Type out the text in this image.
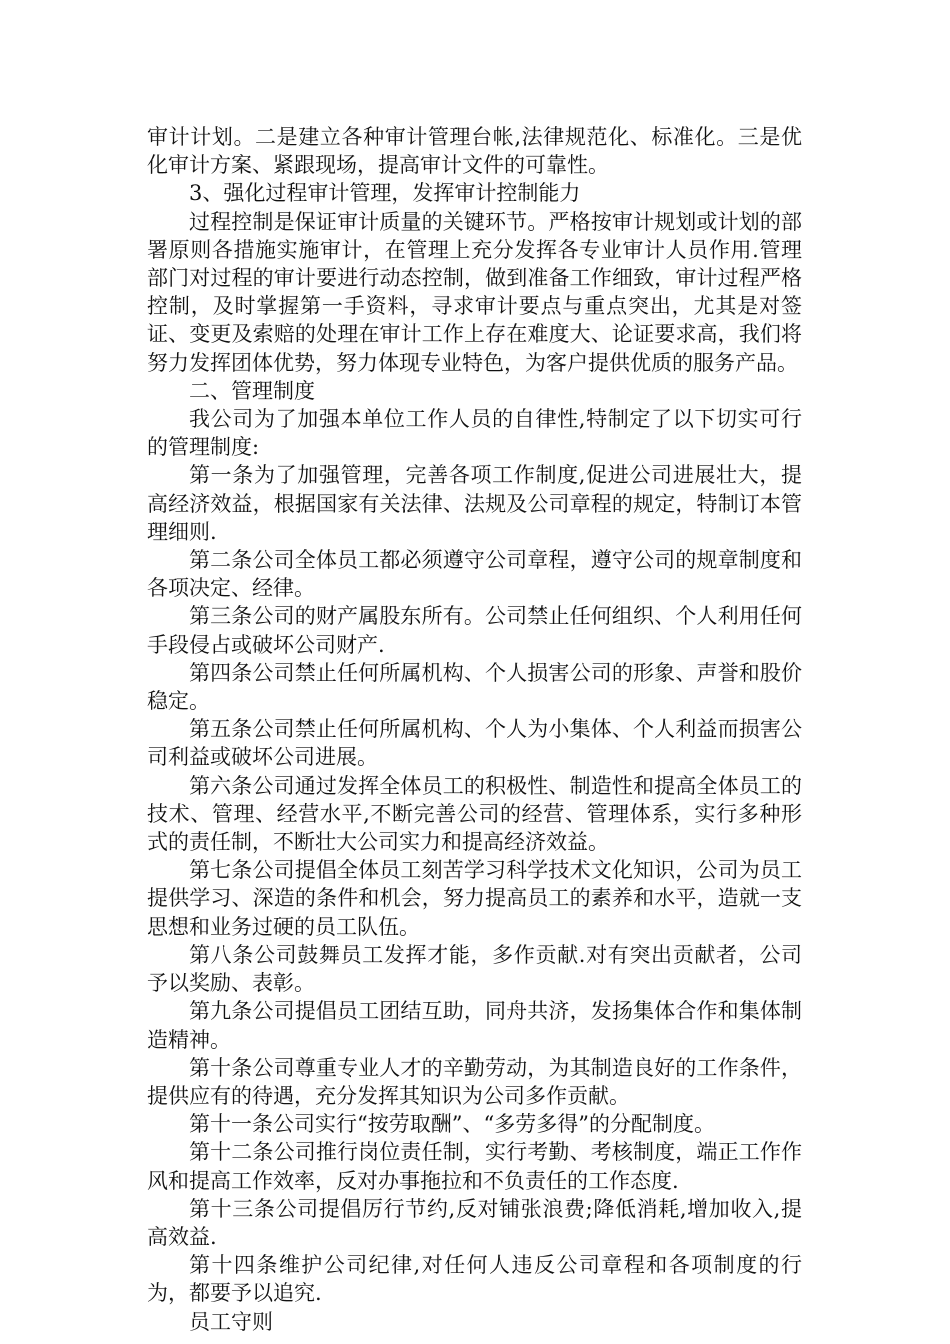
审计计划。二是建立各种审计管理台帐,法律规范化、标准化。三是优化审计方案、紧跟现场，提高审计文件的可靠性。

3、强化过程审计管理，发挥审计控制能力

过程控制是保证审计质量的关键环节。严格按审计规划或计划的部署原则各措施实施审计，在管理上充分发挥各专业审计人员作用.管理部门对过程的审计要进行动态控制，做到准备工作细致，审计过程严格控制，及时掌握第一手资料，寻求审计要点与重点突出，尤其是对签证、变更及索赔的处理在审计工作上存在难度大、论证要求高，我们将努力发挥团体优势，努力体现专业特色，为客户提供优质的服务产品。

二、管理制度

我公司为了加强本单位工作人员的自律性,特制定了以下切实可行的管理制度:

第一条为了加强管理，完善各项工作制度,促进公司进展壮大，提高经济效益，根据国家有关法律、法规及公司章程的规定，特制订本管理细则.

第二条公司全体员工都必须遵守公司章程，遵守公司的规章制度和各项决定、经律。

第三条公司的财产属股东所有。公司禁止任何组织、个人利用任何手段侵占或破坏公司财产.

第四条公司禁止任何所属机构、个人损害公司的形象、声誉和股价稳定。

第五条公司禁止任何所属机构、个人为小集体、个人利益而损害公司利益或破坏公司进展。

第六条公司通过发挥全体员工的积极性、制造性和提高全体员工的技术、管理、经营水平,不断完善公司的经营、管理体系，实行多种形式的责任制，不断壮大公司实力和提高经济效益。

第七条公司提倡全体员工刻苦学习科学技术文化知识，公司为员工提供学习、深造的条件和机会，努力提高员工的素养和水平，造就一支思想和业务过硬的员工队伍。

第八条公司鼓舞员工发挥才能，多作贡献.对有突出贡献者，公司予以奖励、表彰。

第九条公司提倡员工团结互助，同舟共济，发扬集体合作和集体制造精神。

第十条公司尊重专业人才的辛勤劳动，为其制造良好的工作条件，提供应有的待遇，充分发挥其知识为公司多作贡献。

第十一条公司实行“按劳取酬”、“多劳多得”的分配制度。

第十二条公司推行岗位责任制，实行考勤、考核制度，端正工作作风和提高工作效率，反对办事拖拉和不负责任的工作态度.

第十三条公司提倡厉行节约,反对铺张浪费;降低消耗,增加收入,提高效益.

第十四条维护公司纪律,对任何人违反公司章程和各项制度的行为，都要予以追究.

员工守则
